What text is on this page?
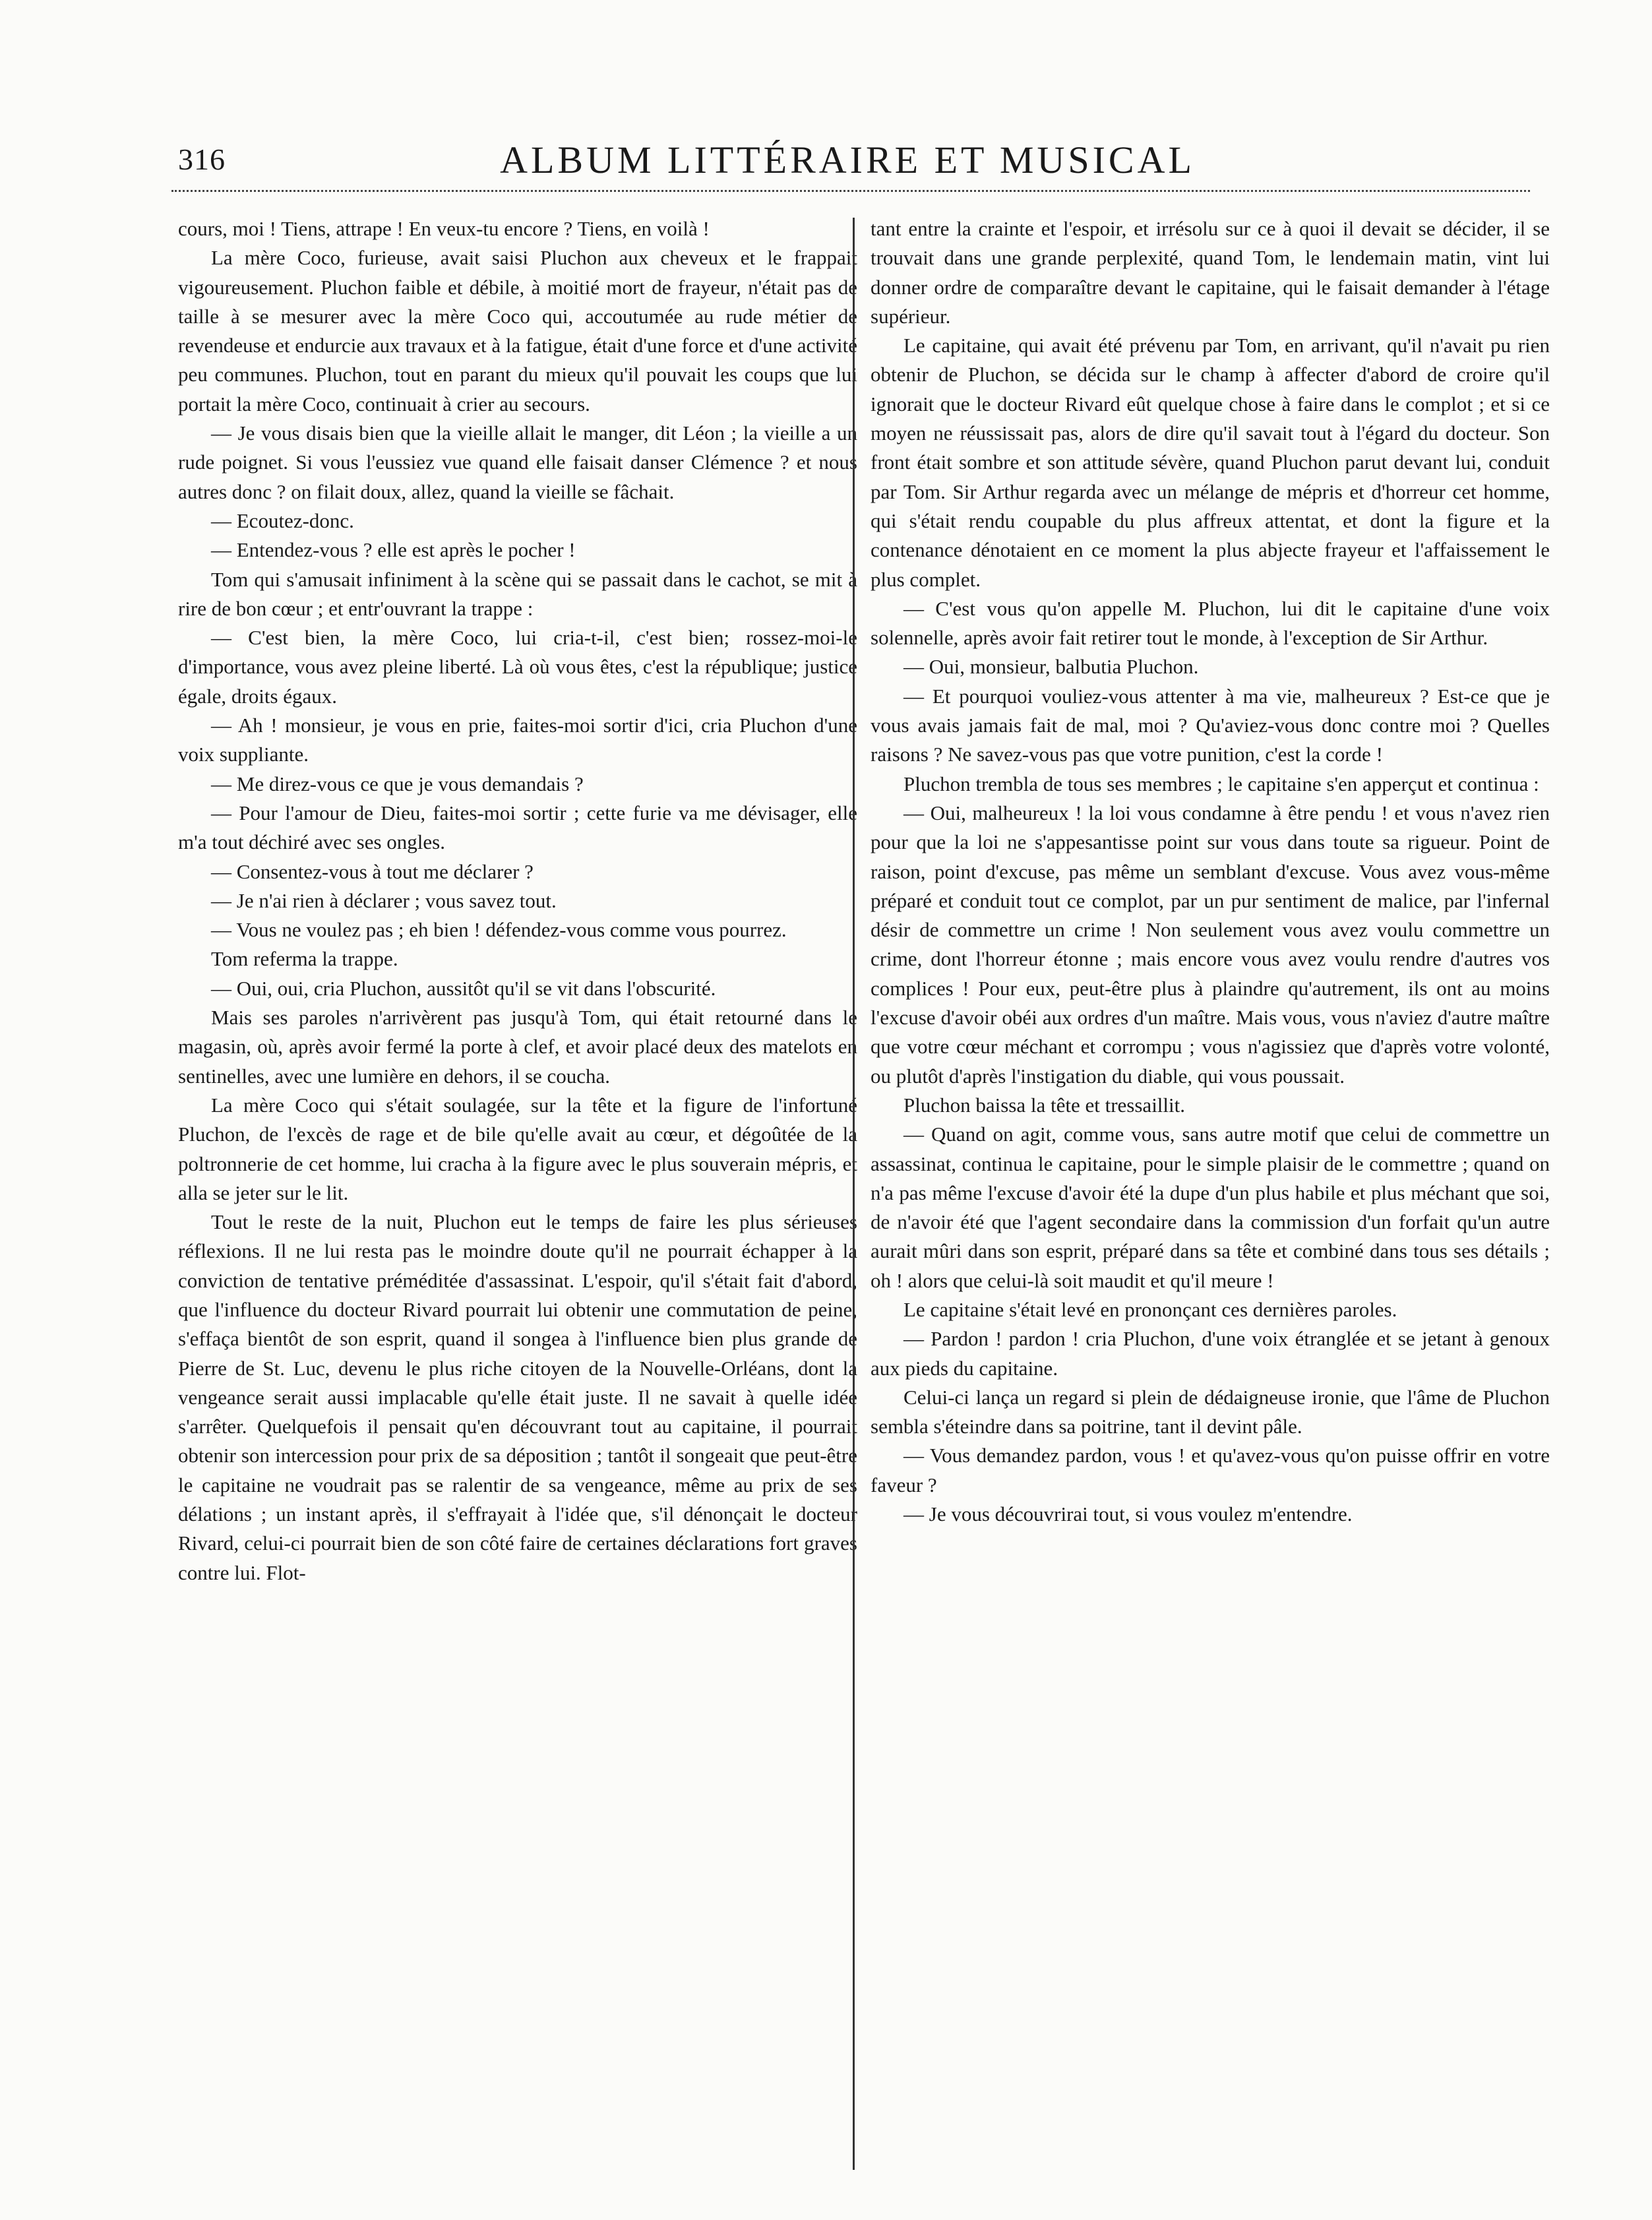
316	ALBUM LITTÉRAIRE ET MUSICAL

cours, moi ! Tiens, attrape ! En veux-tu encore ? Tiens, en voilà !

La mère Coco, furieuse, avait saisi Pluchon aux cheveux et le frappait vigoureusement. Pluchon faible et débile, à moitié mort de frayeur, n'était pas de taille à se mesurer avec la mère Coco qui, accoutumée au rude métier de revendeuse et endurcie aux travaux et à la fatigue, était d'une force et d'une activité peu communes. Pluchon, tout en parant du mieux qu'il pouvait les coups que lui portait la mère Coco, continuait à crier au secours.

— Je vous disais bien que la vieille allait le manger, dit Léon ; la vieille a un rude poignet. Si vous l'eussiez vue quand elle faisait danser Clémence ? et nous autres donc ? on filait doux, allez, quand la vieille se fâchait.

— Ecoutez-donc.

— Entendez-vous ? elle est après le pocher !

Tom qui s'amusait infiniment à la scène qui se passait dans le cachot, se mit à rire de bon cœur ; et entr'ouvrant la trappe :

— C'est bien, la mère Coco, lui cria-t-il, c'est bien; rossez-moi-le d'importance, vous avez pleine liberté. Là où vous êtes, c'est la république; justice égale, droits égaux.

— Ah ! monsieur, je vous en prie, faites-moi sortir d'ici, cria Pluchon d'une voix suppliante.

— Me direz-vous ce que je vous demandais ?

— Pour l'amour de Dieu, faites-moi sortir ; cette furie va me dévisager, elle m'a tout déchiré avec ses ongles.

— Consentez-vous à tout me déclarer ?

— Je n'ai rien à déclarer ; vous savez tout.

— Vous ne voulez pas ; eh bien ! défendez-vous comme vous pourrez.

Tom referma la trappe.

— Oui, oui, cria Pluchon, aussitôt qu'il se vit dans l'obscurité.

Mais ses paroles n'arrivèrent pas jusqu'à Tom, qui était retourné dans le magasin, où, après avoir fermé la porte à clef, et avoir placé deux des matelots en sentinelles, avec une lumière en dehors, il se coucha.

La mère Coco qui s'était soulagée, sur la tête et la figure de l'infortuné Pluchon, de l'excès de rage et de bile qu'elle avait au cœur, et dégoûtée de la poltronnerie de cet homme, lui cracha à la figure avec le plus souverain mépris, et alla se jeter sur le lit.

Tout le reste de la nuit, Pluchon eut le temps de faire les plus sérieuses réflexions. Il ne lui resta pas le moindre doute qu'il ne pourrait échapper à la conviction de tentative préméditée d'assassinat. L'espoir, qu'il s'était fait d'abord, que l'influence du docteur Rivard pourrait lui obtenir une commutation de peine, s'effaça bientôt de son esprit, quand il songea à l'influence bien plus grande de Pierre de St. Luc, devenu le plus riche citoyen de la Nouvelle-Orléans, dont la vengeance serait aussi implacable qu'elle était juste. Il ne savait à quelle idée s'arrêter. Quelquefois il pensait qu'en découvrant tout au capitaine, il pourrait obtenir son intercession pour prix de sa déposition ; tantôt il songeait que peut-être le capitaine ne voudrait pas se ralentir de sa vengeance, même au prix de ses délations ; un instant après, il s'effrayait à l'idée que, s'il dénonçait le docteur Rivard, celui-ci pourrait bien de son côté faire de certaines déclarations fort graves contre lui. Flot-

tant entre la crainte et l'espoir, et irrésolu sur ce à quoi il devait se décider, il se trouvait dans une grande perplexité, quand Tom, le lendemain matin, vint lui donner ordre de comparaître devant le capitaine, qui le faisait demander à l'étage supérieur.

Le capitaine, qui avait été prévenu par Tom, en arrivant, qu'il n'avait pu rien obtenir de Pluchon, se décida sur le champ à affecter d'abord de croire qu'il ignorait que le docteur Rivard eût quelque chose à faire dans le complot ; et si ce moyen ne réussissait pas, alors de dire qu'il savait tout à l'égard du docteur. Son front était sombre et son attitude sévère, quand Pluchon parut devant lui, conduit par Tom. Sir Arthur regarda avec un mélange de mépris et d'horreur cet homme, qui s'était rendu coupable du plus affreux attentat, et dont la figure et la contenance dénotaient en ce moment la plus abjecte frayeur et l'affaissement le plus complet.

— C'est vous qu'on appelle M. Pluchon, lui dit le capitaine d'une voix solennelle, après avoir fait retirer tout le monde, à l'exception de Sir Arthur.

— Oui, monsieur, balbutia Pluchon.

— Et pourquoi vouliez-vous attenter à ma vie, malheureux ? Est-ce que je vous avais jamais fait de mal, moi ? Qu'aviez-vous donc contre moi ? Quelles raisons ? Ne savez-vous pas que votre punition, c'est la corde !

Pluchon trembla de tous ses membres ; le capitaine s'en apperçut et continua :

— Oui, malheureux ! la loi vous condamne à être pendu ! et vous n'avez rien pour que la loi ne s'appesantisse point sur vous dans toute sa rigueur. Point de raison, point d'excuse, pas même un semblant d'excuse. Vous avez vous-même préparé et conduit tout ce complot, par un pur sentiment de malice, par l'infernal désir de commettre un crime ! Non seulement vous avez voulu commettre un crime, dont l'horreur étonne ; mais encore vous avez voulu rendre d'autres vos complices ! Pour eux, peut-être plus à plaindre qu'autrement, ils ont au moins l'excuse d'avoir obéi aux ordres d'un maître. Mais vous, vous n'aviez d'autre maître que votre cœur méchant et corrompu ; vous n'agissiez que d'après votre volonté, ou plutôt d'après l'instigation du diable, qui vous poussait.

Pluchon baissa la tête et tressaillit.

— Quand on agit, comme vous, sans autre motif que celui de commettre un assassinat, continua le capitaine, pour le simple plaisir de le commettre ; quand on n'a pas même l'excuse d'avoir été la dupe d'un plus habile et plus méchant que soi, de n'avoir été que l'agent secondaire dans la commission d'un forfait qu'un autre aurait mûri dans son esprit, préparé dans sa tête et combiné dans tous ses détails ; oh ! alors que celui-là soit maudit et qu'il meure !

Le capitaine s'était levé en prononçant ces dernières paroles.

— Pardon ! pardon ! cria Pluchon, d'une voix étranglée et se jetant à genoux aux pieds du capitaine.

Celui-ci lança un regard si plein de dédaigneuse ironie, que l'âme de Pluchon sembla s'éteindre dans sa poitrine, tant il devint pâle.

— Vous demandez pardon, vous ! et qu'avez-vous qu'on puisse offrir en votre faveur ?

— Je vous découvrirai tout, si vous voulez m'entendre.
